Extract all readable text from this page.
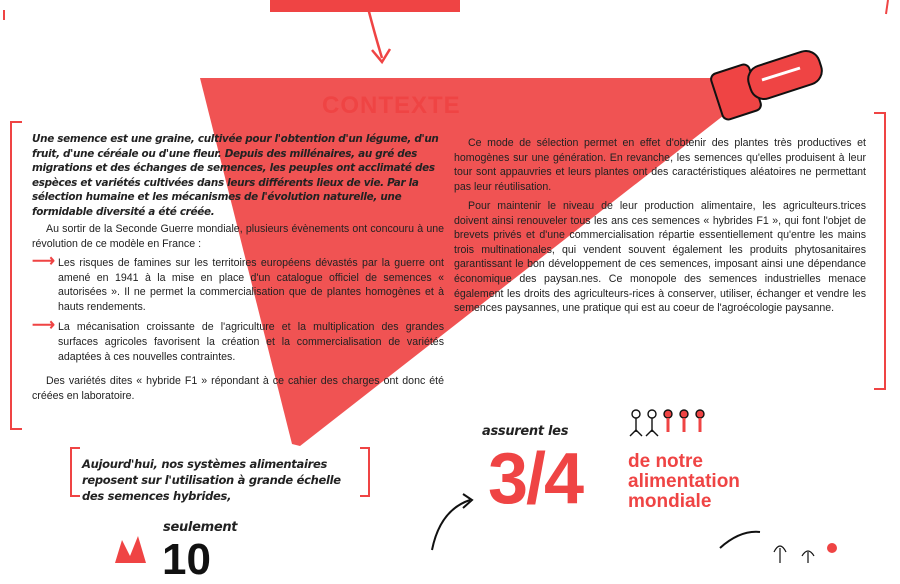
CONTEXTE
Une semence est une graine, cultivée pour l'obtention d'un légume, d'un fruit, d'une céréale ou d'une fleur. Depuis des millénaires, au gré des migrations et des échanges de semences, les peuples ont acclimaté des espèces et variétés cultivées dans leurs différents lieux de vie. Par la sélection humaine et les mécanismes de l'évolution naturelle, une formidable diversité a été créée.
Au sortir de la Seconde Guerre mondiale, plusieurs évènements ont concouru à une révolution de ce modèle en France :
⟶ Les risques de famines sur les territoires européens dévastés par la guerre ont amené en 1941 à la mise en place d'un catalogue officiel de semences « autorisées ». Il ne permet la commercialisation que de plantes homogènes et à hauts rendements.
⟶ La mécanisation croissante de l'agriculture et la multiplication des grandes surfaces agricoles favorisent la création et la commercialisation de variétés adaptées à ces nouvelles contraintes.
Des variétés dites « hybride F1 » répondant à ce cahier des charges ont donc été créées en laboratoire.
Ce mode de sélection permet en effet d'obtenir des plantes très productives et homogènes sur une génération. En revanche, les semences qu'elles produisent à leur tour sont appauvries et leurs plantes ont des caractéristiques aléatoires ne permettant pas leur réutilisation.
Pour maintenir le niveau de leur production alimentaire, les agriculteurs.trices doivent ainsi renouveler tous les ans ces semences « hybrides F1 », qui font l'objet de brevets privés et d'une commercialisation répartie essentiellement qu'entre les mains trois multinationales, qui vendent souvent également les produits phytosanitaires garantissant le bon développement de ces semences, imposant ainsi une dépendance économique des paysan.nes. Ce monopole des semences industrielles menace également les droits des agriculteurs-rices à conserver, utiliser, échanger et vendre les semences paysannes, une pratique qui est au coeur de l'agroécologie paysanne.
Aujourd'hui, nos systèmes alimentaires reposent sur l'utilisation à grande échelle des semences hybrides,
seulement
10
assurent les
3/4 de notre
alimentation
mondiale
